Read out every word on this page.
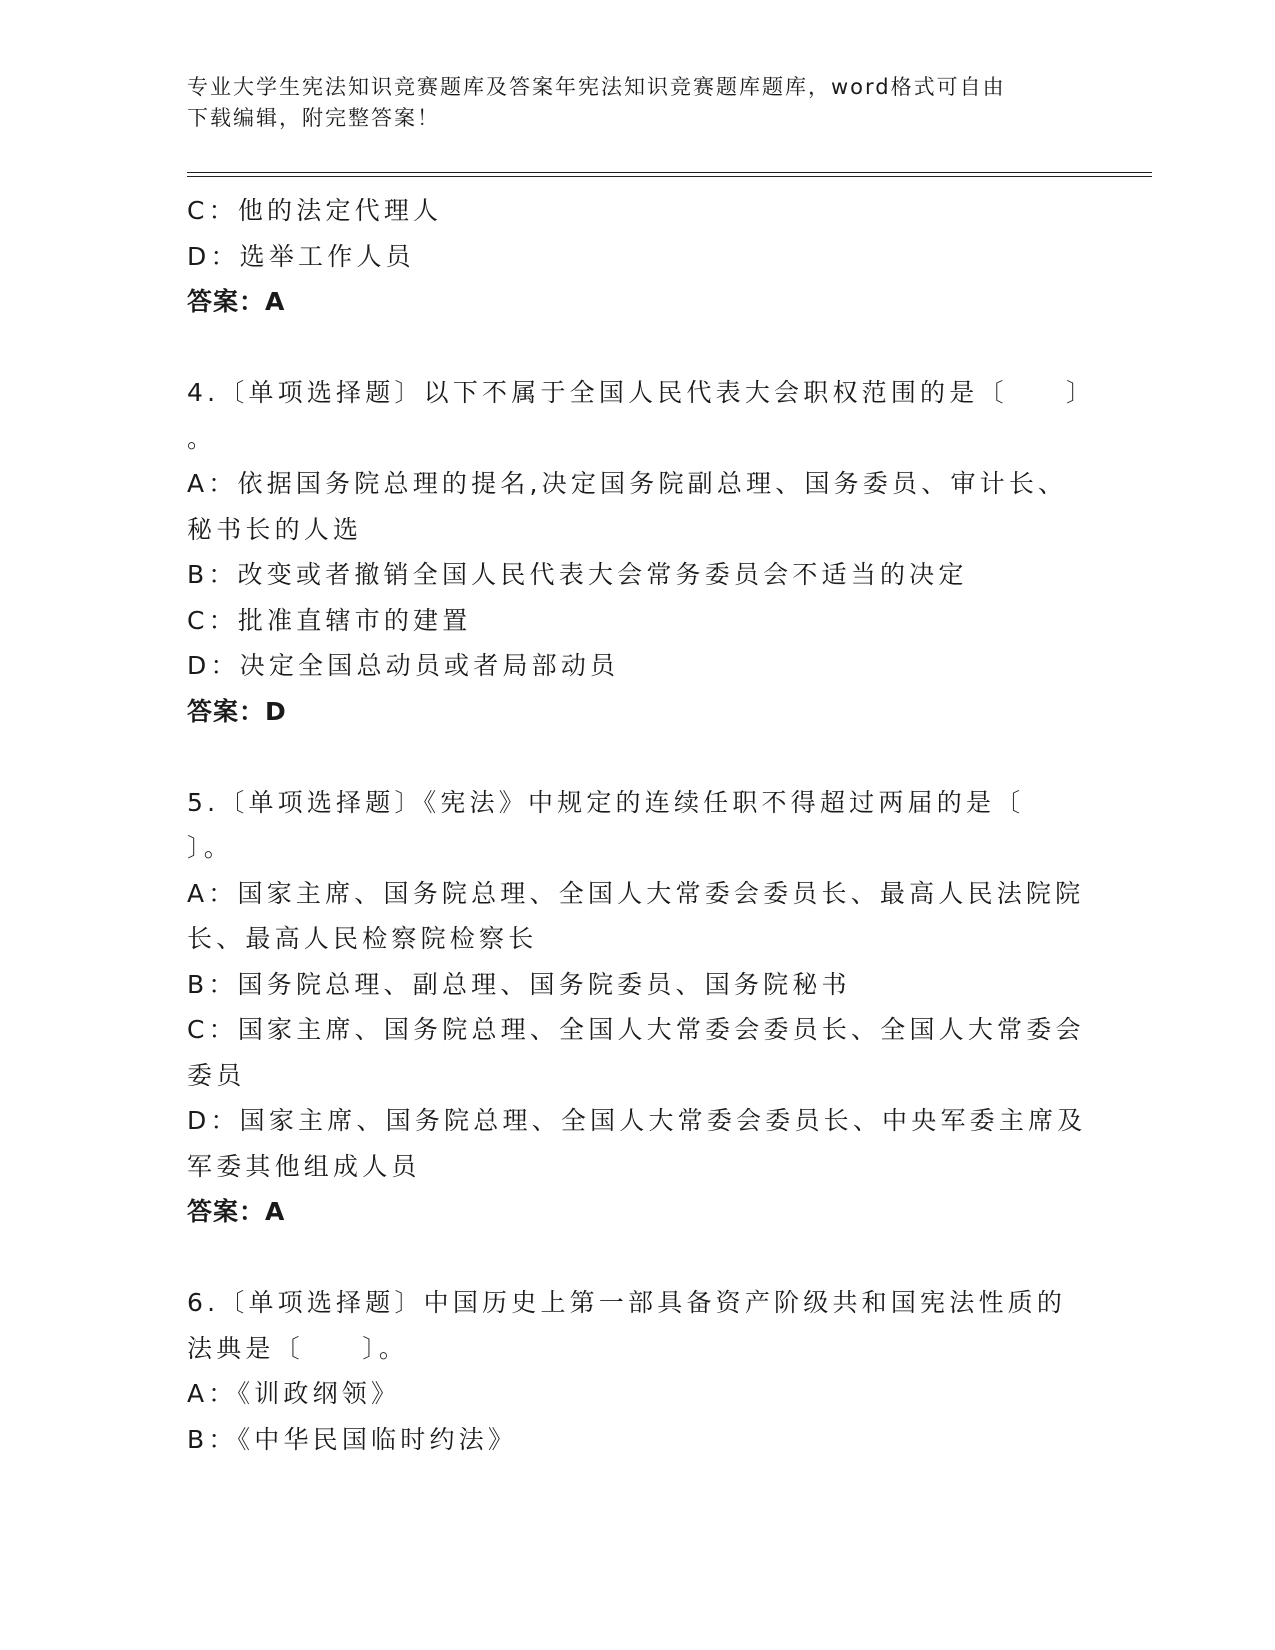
专业大学生宪法知识竞赛题库及答案年宪法知识竞赛题库题库，word格式可自由
下载编辑，附完整答案！
C：他的法定代理人
D：选举工作人员
答案：A
4.〔单项选择题〕以下不属于全国人民代表大会职权范围的是〔　　〕
。
A：依据国务院总理的提名,决定国务院副总理、国务委员、审计长、
秘书长的人选
B：改变或者撤销全国人民代表大会常务委员会不适当的决定
C：批准直辖市的建置
D：决定全国总动员或者局部动员
答案：D
5.〔单项选择题〕《宪法》中规定的连续任职不得超过两届的是〔
〕。
A：国家主席、国务院总理、全国人大常委会委员长、最高人民法院院
长、最高人民检察院检察长
B：国务院总理、副总理、国务院委员、国务院秘书
C：国家主席、国务院总理、全国人大常委会委员长、全国人大常委会
委员
D：国家主席、国务院总理、全国人大常委会委员长、中央军委主席及
军委其他组成人员
答案：A
6.〔单项选择题〕中国历史上第一部具备资产阶级共和国宪法性质的
法典是〔　　〕。
A：《训政纲领》
B：《中华民国临时约法》
